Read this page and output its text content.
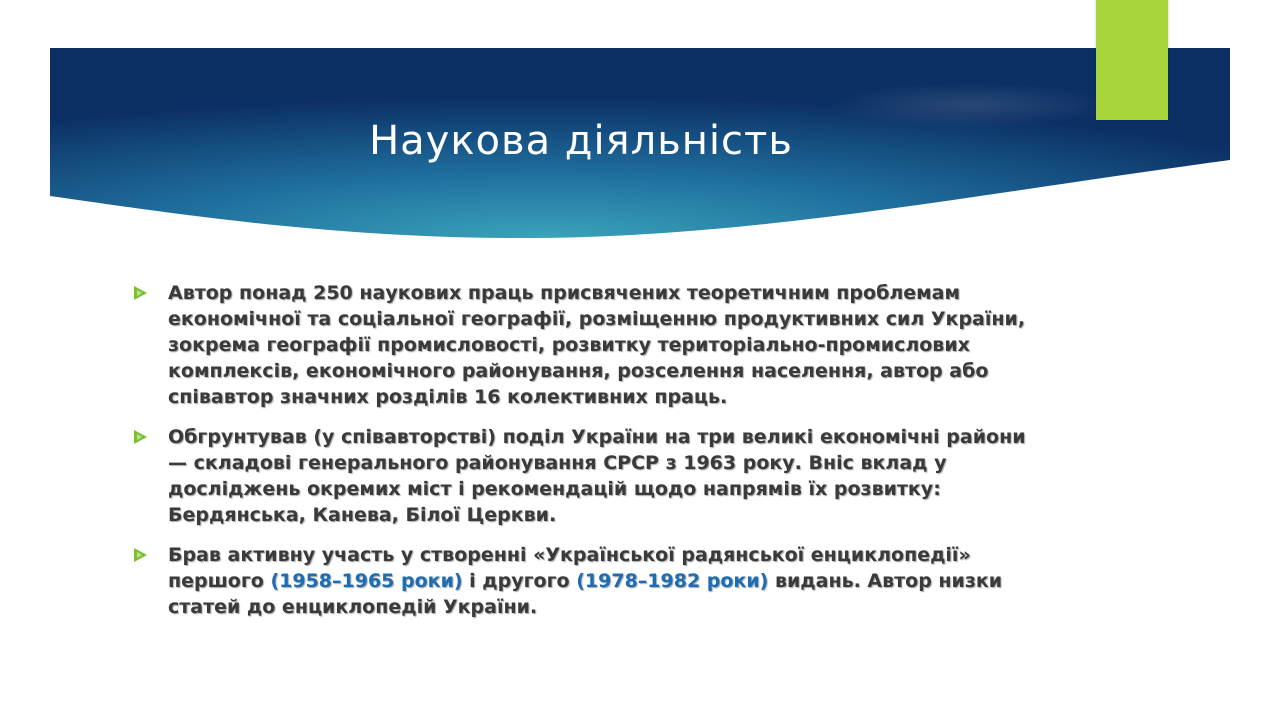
Наукова діяльність
Автор понад 250 наукових праць присвячених теоретичним проблемам економічної та соціальної географії, розміщенню продуктивних сил України, зокрема географії промисловості, розвитку територіально-промислових комплексів, економічного районування, розселення населення, автор або співавтор значних розділів 16 колективних праць.
Обгрунтував (у співавторстві) поділ України на три великі економічні райони — складові генерального районування СРСР з 1963 року. Вніс вклад у досліджень окремих міст і рекомендацій щодо напрямів їх розвитку: Бердянська, Канева, Білої Церкви.
Брав активну участь у створенні «Української радянської енциклопедії» першого (1958–1965 роки) і другого (1978–1982 роки) видань. Автор низки статей до енциклопедій України.
